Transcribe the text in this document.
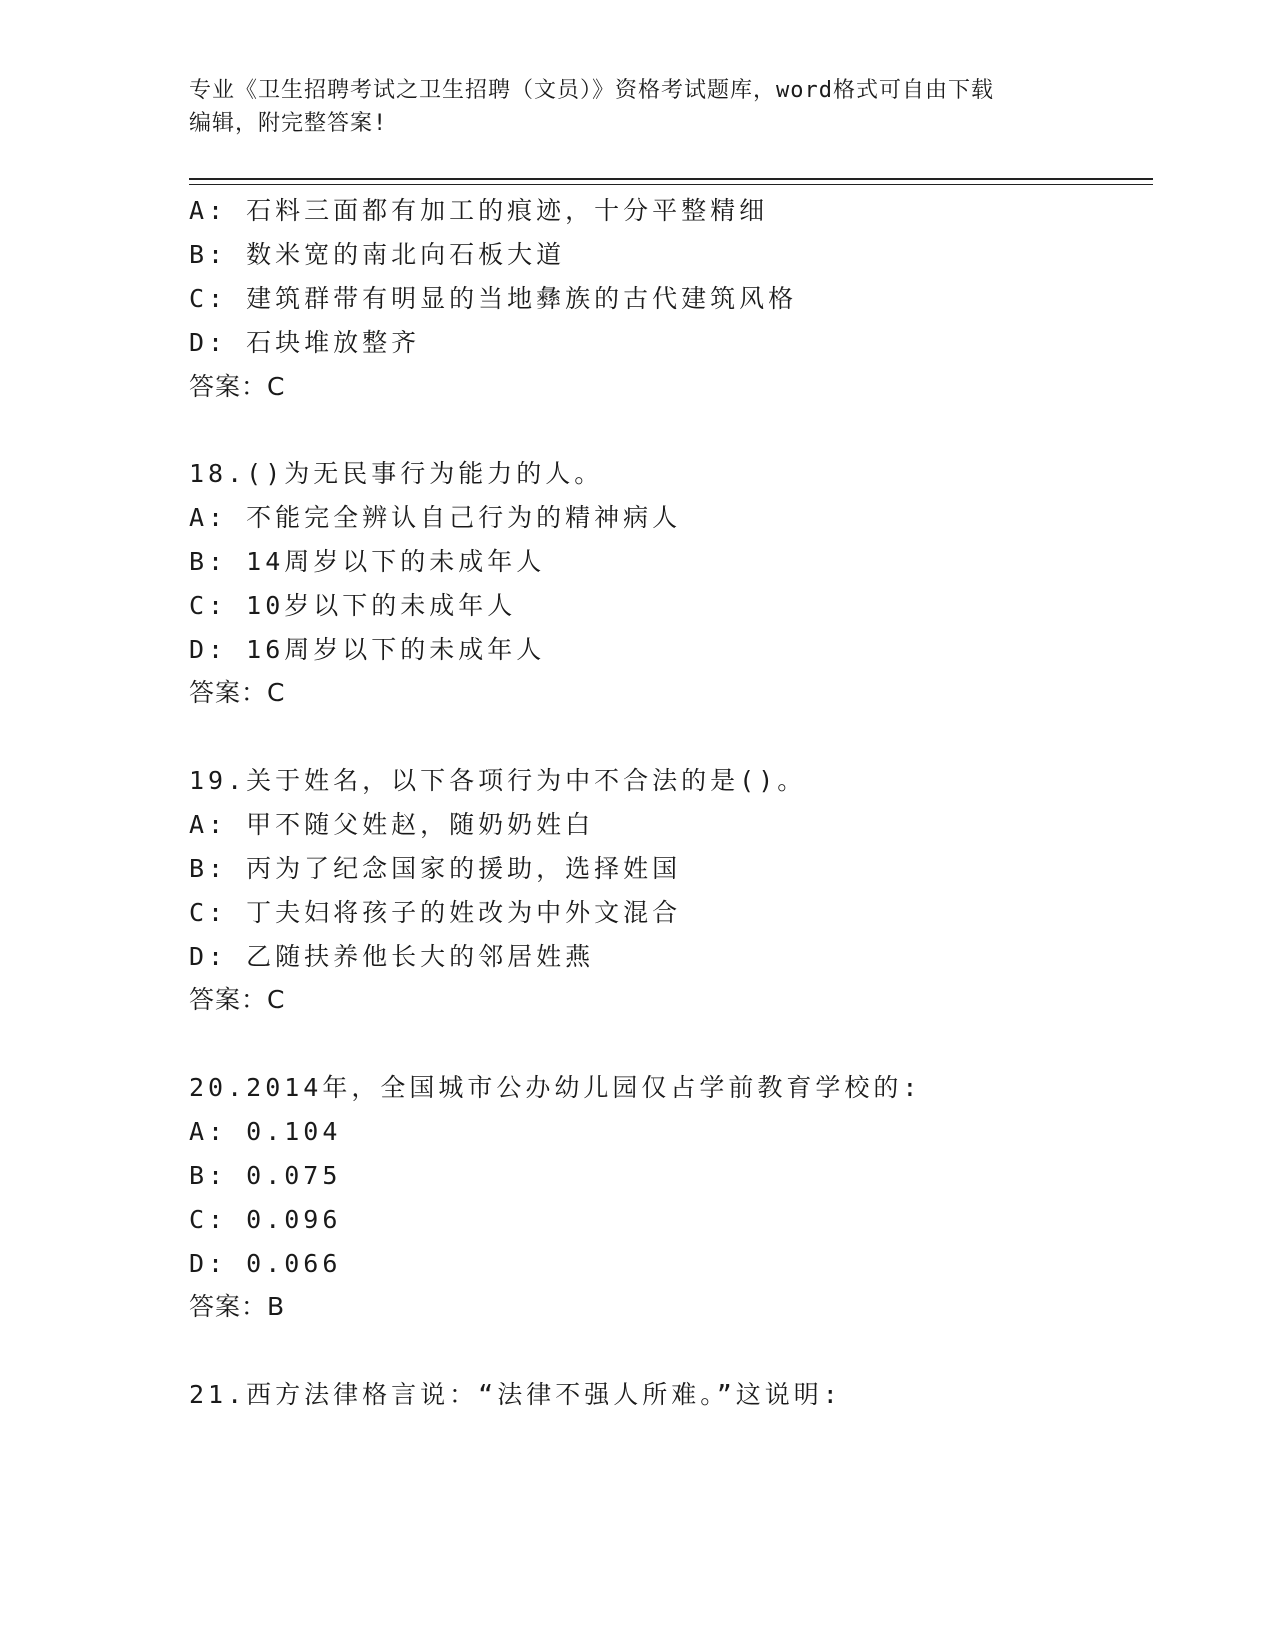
专业《卫生招聘考试之卫生招聘（文员）》资格考试题库，word格式可自由下载
编辑，附完整答案!
A: 石料三面都有加工的痕迹，十分平整精细
B: 数米宽的南北向石板大道
C: 建筑群带有明显的当地彝族的古代建筑风格
D: 石块堆放整齐
答案：C
18.()为无民事行为能力的人。
A: 不能完全辨认自己行为的精神病人
B: 14周岁以下的未成年人
C: 10岁以下的未成年人
D: 16周岁以下的未成年人
答案：C
19.关于姓名，以下各项行为中不合法的是()。
A: 甲不随父姓赵，随奶奶姓白
B: 丙为了纪念国家的援助，选择姓国
C: 丁夫妇将孩子的姓改为中外文混合
D: 乙随扶养他长大的邻居姓燕
答案：C
20.2014年，全国城市公办幼儿园仅占学前教育学校的:
A: 0.104
B: 0.075
C: 0.096
D: 0.066
答案：B
21.西方法律格言说：“法律不强人所难。”这说明:
